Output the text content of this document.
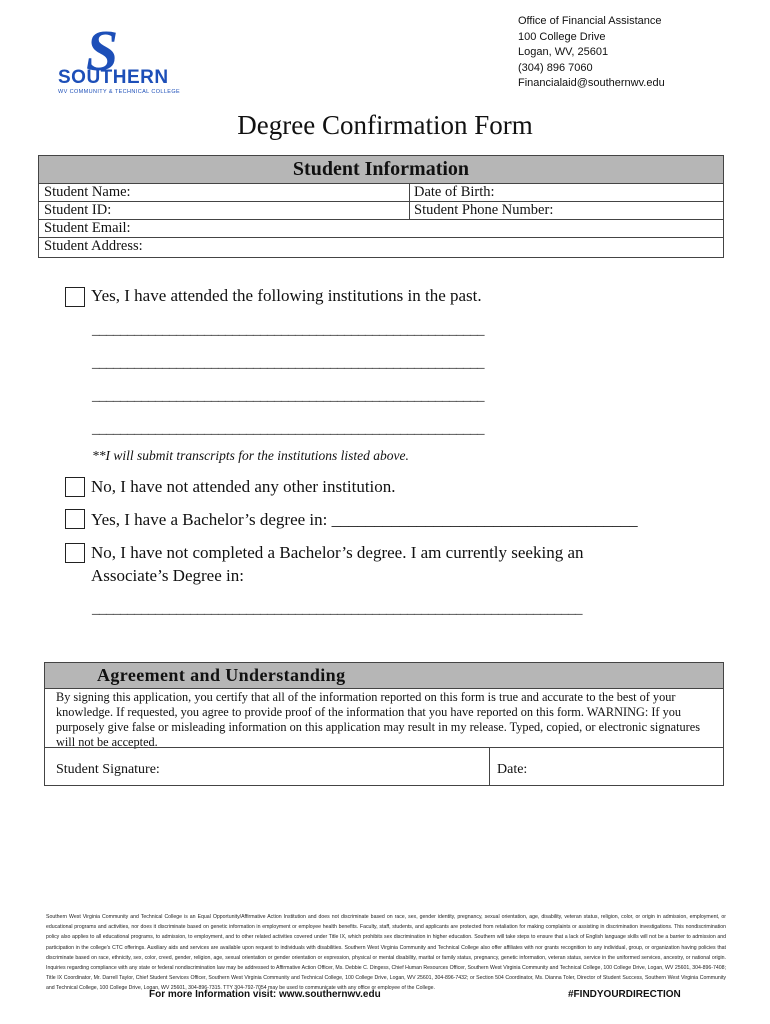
S
SOUTHERN
WV COMMUNITY & TECHNICAL COLLEGE
Office of Financial Assistance
100 College Drive
Logan, WV, 25601
(304) 896 7060
Financialaid@southernwv.edu
Degree Confirmation Form
Student Information
Student Name:	Date of Birth:
Student ID:	Student Phone Number:
Student Email:
Student Address:
Yes, I have attended the following institutions in the past.
________________________________________________________
________________________________________________________
________________________________________________________
________________________________________________________
**I will submit transcripts for the institutions listed above.
No, I have not attended any other institution.
Yes, I have a Bachelor’s degree in: ____________________________________
No, I have not completed a Bachelor’s degree. I am currently seeking an
Associate’s Degree in:
______________________________________________________________________
Agreement and Understanding
By signing this application, you certify that all of the information reported on this form is true and accurate to the best of your knowledge. If requested, you agree to provide proof of the information that you have reported on this form. WARNING: If you purposely give false or misleading information on this application may result in my release. Typed, copied, or electronic signatures will not be accepted.
Student Signature:	Date:
Southern West Virginia Community and Technical College is an Equal Opportunity/Affirmative Action Institution and does not discriminate based on race, sex, gender identity, pregnancy, sexual orientation, age, disability, veteran status, religion, color, or origin in admission, employment, or educational programs and activities, nor does it discriminate based on genetic information in employment or employee health benefits. Faculty, staff, students, and applicants are protected from retaliation for making complaints or assisting in discrimination investigations. This nondiscrimination policy also applies to all educational programs, to admission, to employment, and to other related activities covered under Title IX, which prohibits sex discrimination in higher education. Southern will take steps to ensure that a lack of English language skills will not be a barrier to admission and participation in the college's CTC offerings. Auxiliary aids and services are available upon request to individuals with disabilities. Southern West Virginia Community and Technical College also offer affiliates with nor grants recognition to any individual, group, or organization having policies that discriminate based on race, ethnicity, sex, color, creed, gender, religion, age, sexual orientation or gender orientation or expression, physical or mental disability, marital or family status, pregnancy, genetic information, veteran status, service in the uniformed services, ancestry, or national origin. Inquiries regarding compliance with any state or federal nondiscrimination law may be addressed to Affirmative Action Officer, Ms. Debbie C. Dingess, Chief Human Resources Officer, Southern West Virginia Community and Technical College, 100 College Drive, Logan, WV 25601, 304-896-7408; Title IX Coordinator, Mr. Darrell Taylor, Chief Student Services Officer, Southern West Virginia Community and Technical College, 100 College Drive, Logan, WV 25601, 304-896-7432; or Section 504 Coordinator, Ms. Dianna Toler, Director of Student Success, Southern West Virginia Community and Technical College, 100 College Drive, Logan, WV 25601, 304-896-7315. TTY 304-792-7054 may be used to communicate with any office or employee of the College.
For more Information visit: www.southernwv.edu	#FINDYOURDIRECTION
